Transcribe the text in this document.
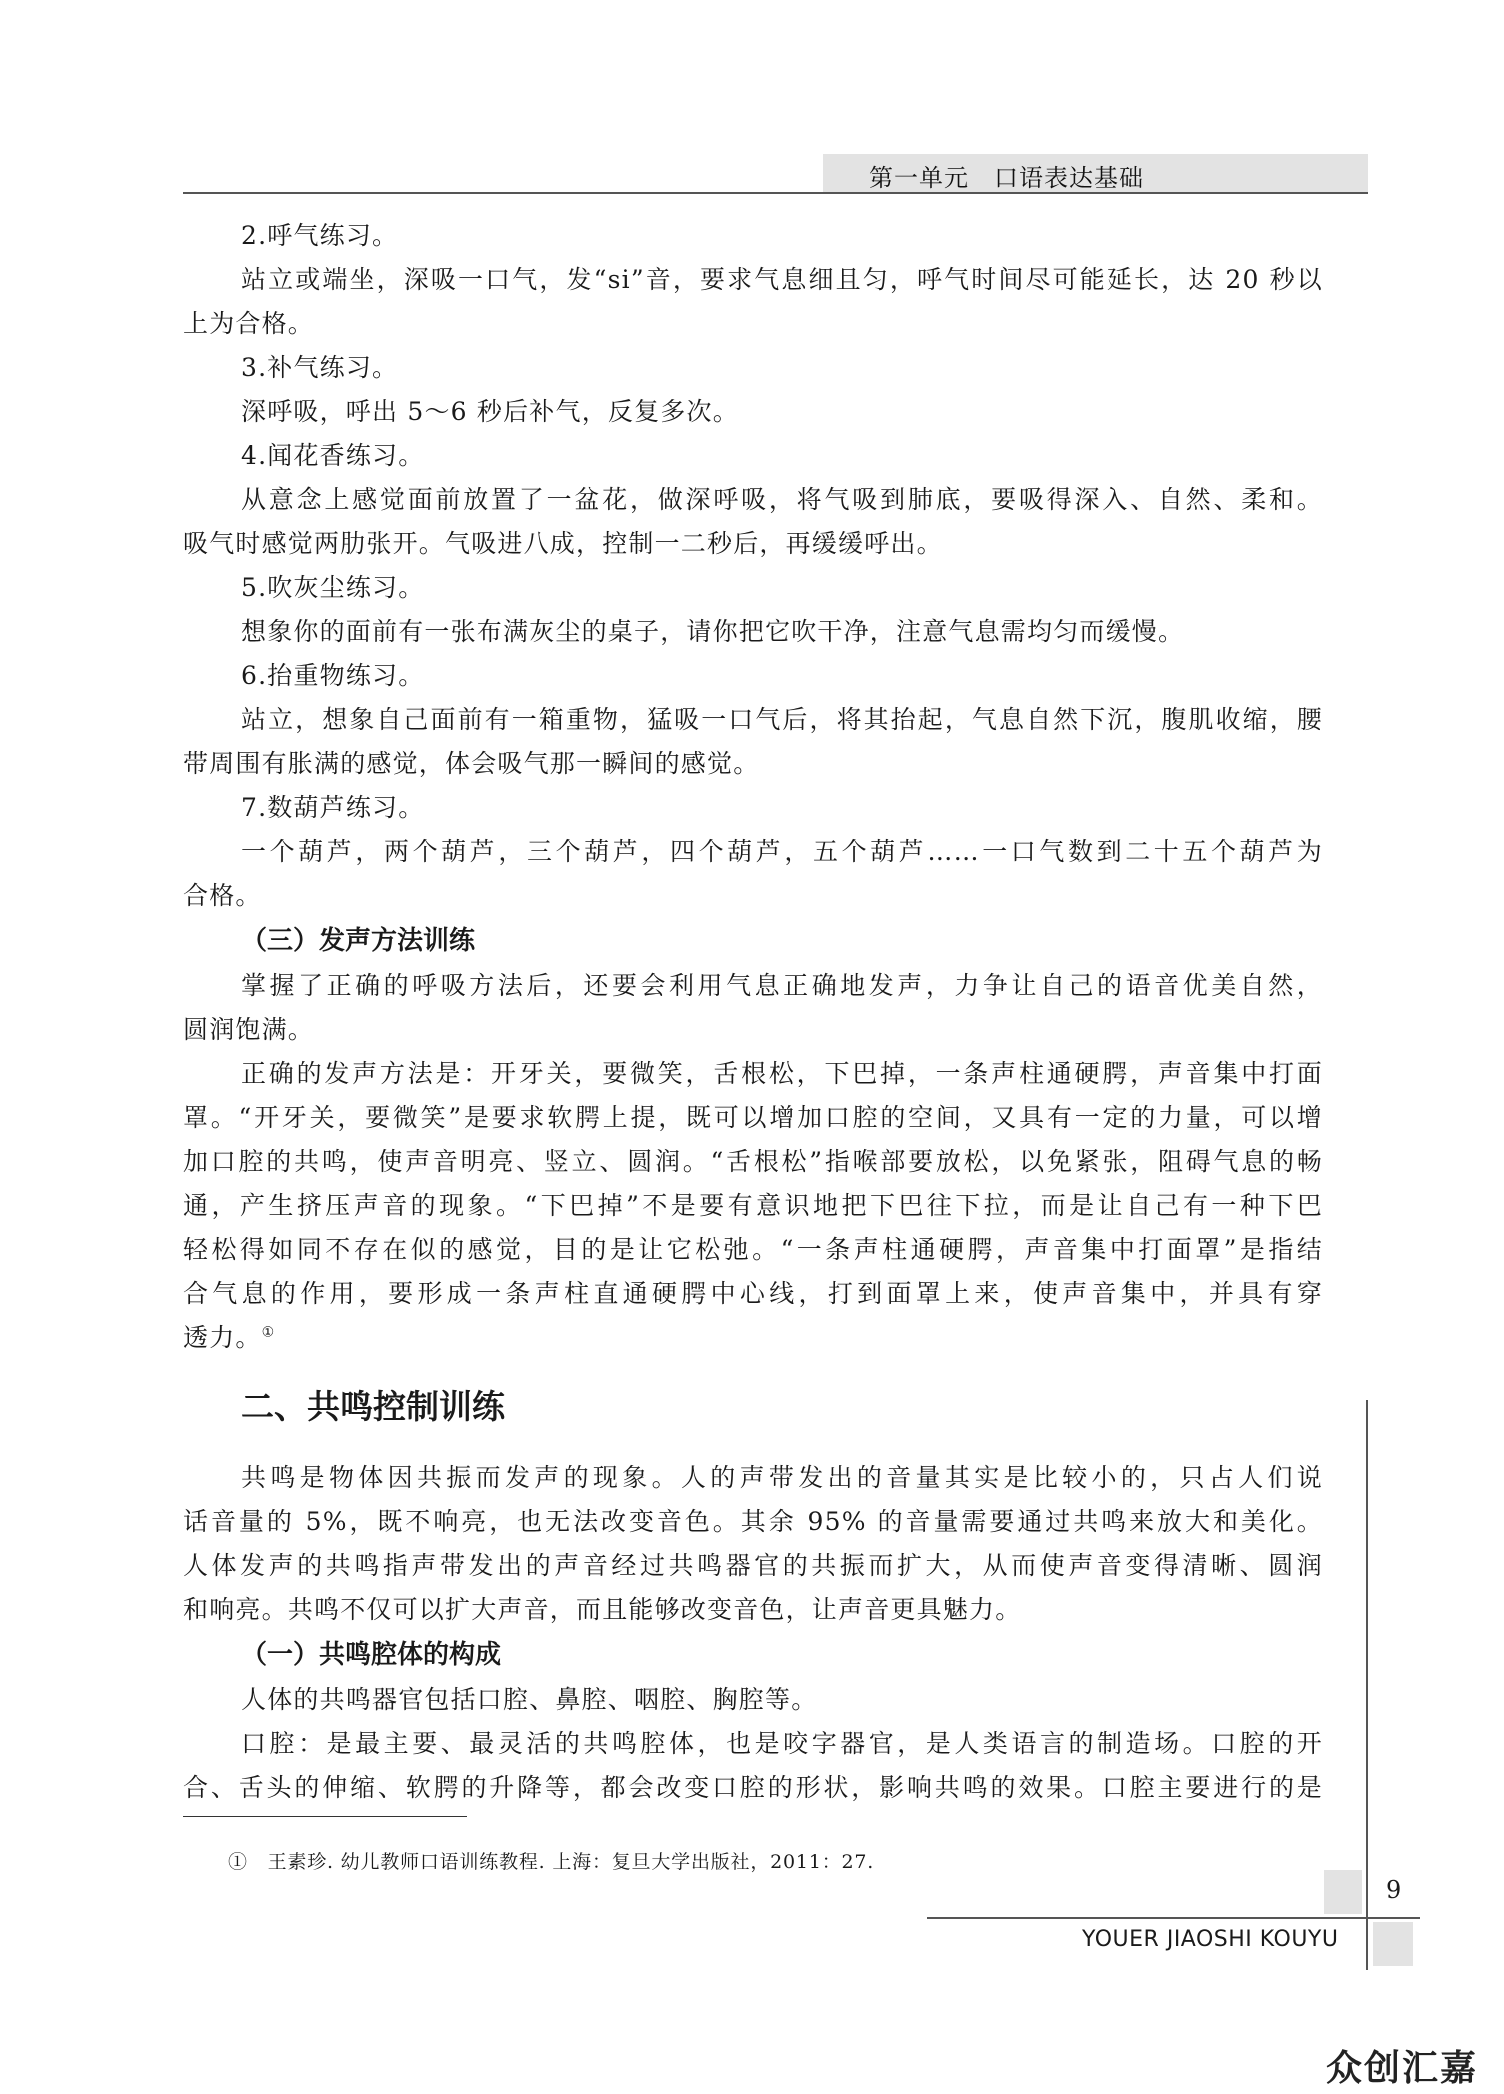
第一单元　口语表达基础

2.呼气练习。

站立或端坐，深吸一口气，发“si”音，要求气息细且匀，呼气时间尽可能延长，达 20 秒以

上为合格。

3.补气练习。

深呼吸，呼出 5～6 秒后补气，反复多次。

4.闻花香练习。

从意念上感觉面前放置了一盆花，做深呼吸，将气吸到肺底，要吸得深入、自然、柔和。

吸气时感觉两肋张开。气吸进八成，控制一二秒后，再缓缓呼出。

5.吹灰尘练习。

想象你的面前有一张布满灰尘的桌子，请你把它吹干净，注意气息需均匀而缓慢。

6.抬重物练习。

站立，想象自己面前有一箱重物，猛吸一口气后，将其抬起，气息自然下沉，腹肌收缩，腰

带周围有胀满的感觉，体会吸气那一瞬间的感觉。

7.数葫芦练习。

一个葫芦，两个葫芦，三个葫芦，四个葫芦，五个葫芦……一口气数到二十五个葫芦为

合格。

（三）发声方法训练

掌握了正确的呼吸方法后，还要会利用气息正确地发声，力争让自己的语音优美自然，

圆润饱满。

正确的发声方法是：开牙关，要微笑，舌根松，下巴掉，一条声柱通硬腭，声音集中打面

罩。“开牙关，要微笑”是要求软腭上提，既可以增加口腔的空间，又具有一定的力量，可以增

加口腔的共鸣，使声音明亮、竖立、圆润。“舌根松”指喉部要放松，以免紧张，阻碍气息的畅

通，产生挤压声音的现象。“下巴掉”不是要有意识地把下巴往下拉，而是让自己有一种下巴

轻松得如同不存在似的感觉，目的是让它松弛。“一条声柱通硬腭，声音集中打面罩”是指结

合气息的作用，要形成一条声柱直通硬腭中心线，打到面罩上来，使声音集中，并具有穿

透力。①

二、共鸣控制训练

共鸣是物体因共振而发声的现象。人的声带发出的音量其实是比较小的，只占人们说

话音量的 5%，既不响亮，也无法改变音色。其余 95% 的音量需要通过共鸣来放大和美化。

人体发声的共鸣指声带发出的声音经过共鸣器官的共振而扩大，从而使声音变得清晰、圆润

和响亮。共鸣不仅可以扩大声音，而且能够改变音色，让声音更具魅力。

（一）共鸣腔体的构成

人体的共鸣器官包括口腔、鼻腔、咽腔、胸腔等。

口腔：是最主要、最灵活的共鸣腔体，也是咬字器官，是人类语言的制造场。口腔的开

合、舌头的伸缩、软腭的升降等，都会改变口腔的形状，影响共鸣的效果。口腔主要进行的是

①　王素珍. 幼儿教师口语训练教程. 上海：复旦大学出版社，2011：27.
9
YOUER JIAOSHI KOUYU
众创汇嘉
